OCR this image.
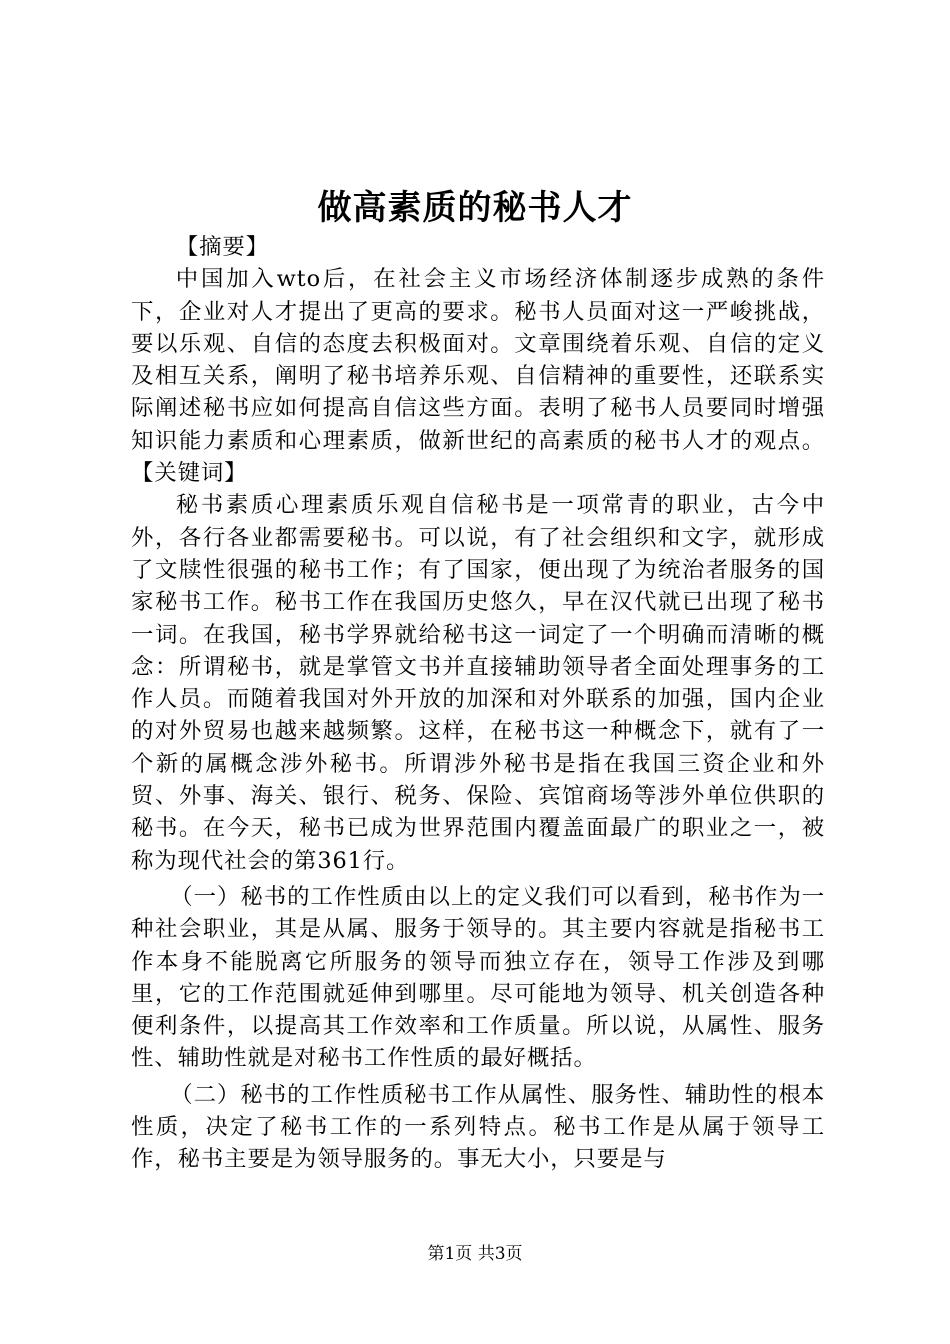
做高素质的秘书人才

【摘要】

中国加入wto后，在社会主义市场经济体制逐步成熟的条件下，企业对人才提出了更高的要求。秘书人员面对这一严峻挑战，要以乐观、自信的态度去积极面对。文章围绕着乐观、自信的定义及相互关系，阐明了秘书培养乐观、自信精神的重要性，还联系实际阐述秘书应如何提高自信这些方面。表明了秘书人员要同时增强知识能力素质和心理素质，做新世纪的高素质的秘书人才的观点。【关键词】

秘书素质心理素质乐观自信秘书是一项常青的职业，古今中外，各行各业都需要秘书。可以说，有了社会组织和文字，就形成了文牍性很强的秘书工作；有了国家，便出现了为统治者服务的国家秘书工作。秘书工作在我国历史悠久，早在汉代就已出现了秘书一词。在我国，秘书学界就给秘书这一词定了一个明确而清晰的概念：所谓秘书，就是掌管文书并直接辅助领导者全面处理事务的工作人员。而随着我国对外开放的加深和对外联系的加强，国内企业的对外贸易也越来越频繁。这样，在秘书这一种概念下，就有了一个新的属概念涉外秘书。所谓涉外秘书是指在我国三资企业和外贸、外事、海关、银行、税务、保险、宾馆商场等涉外单位供职的秘书。在今天，秘书已成为世界范围内覆盖面最广的职业之一，被称为现代社会的第361行。

（一）秘书的工作性质由以上的定义我们可以看到，秘书作为一种社会职业，其是从属、服务于领导的。其主要内容就是指秘书工作本身不能脱离它所服务的领导而独立存在，领导工作涉及到哪里，它的工作范围就延伸到哪里。尽可能地为领导、机关创造各种便利条件，以提高其工作效率和工作质量。所以说，从属性、服务性、辅助性就是对秘书工作性质的最好概括。

（二）秘书的工作性质秘书工作从属性、服务性、辅助性的根本性质，决定了秘书工作的一系列特点。秘书工作是从属于领导工作，秘书主要是为领导服务的。事无大小，只要是与

第1页 共3页
